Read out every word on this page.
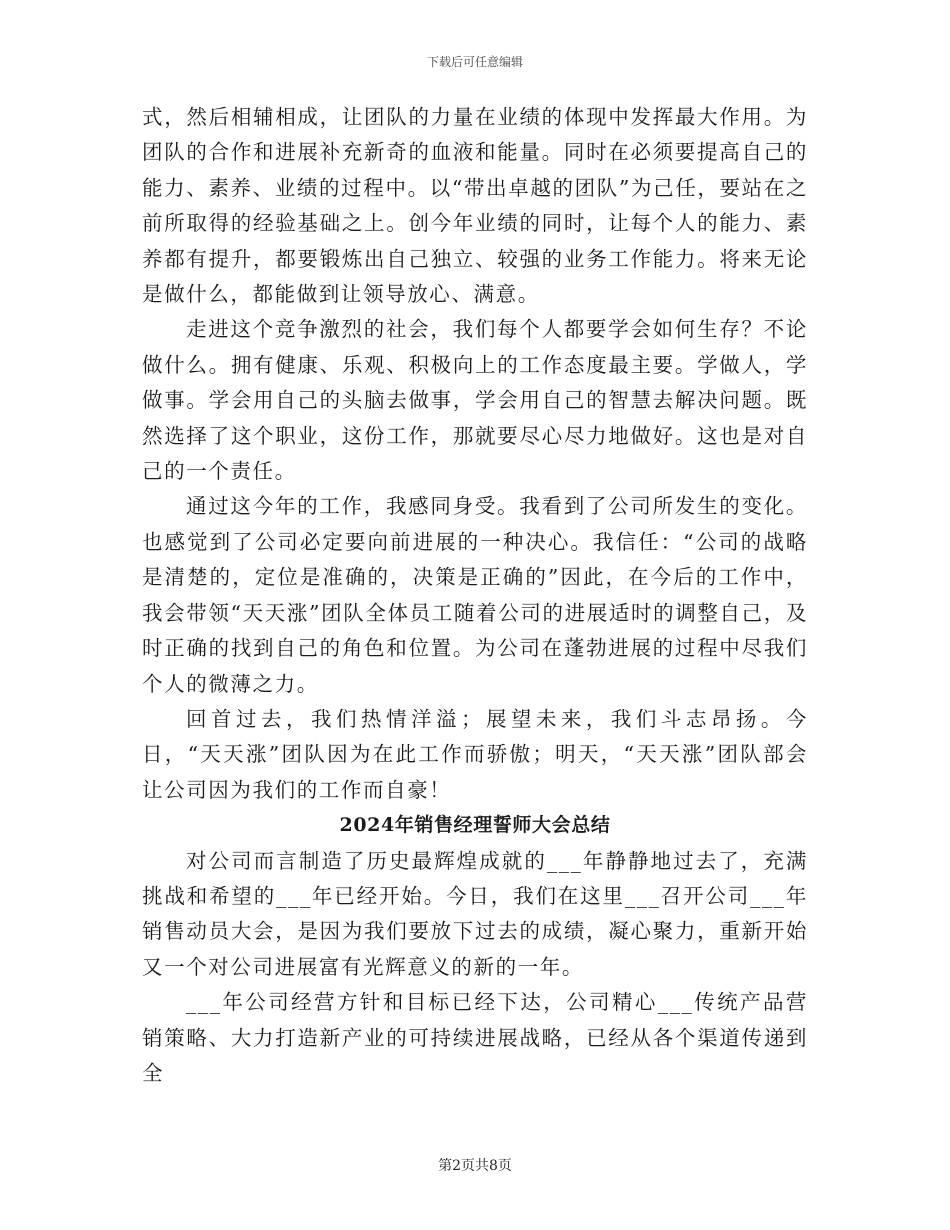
下载后可任意编辑

式，然后相辅相成，让团队的力量在业绩的体现中发挥最大作用。为团队的合作和进展补充新奇的血液和能量。同时在必须要提高自己的能力、素养、业绩的过程中。以“带出卓越的团队”为己任，要站在之前所取得的经验基础之上。创今年业绩的同时，让每个人的能力、素养都有提升，都要锻炼出自己独立、较强的业务工作能力。将来无论是做什么，都能做到让领导放心、满意。

走进这个竞争激烈的社会，我们每个人都要学会如何生存？不论做什么。拥有健康、乐观、积极向上的工作态度最主要。学做人，学做事。学会用自己的头脑去做事，学会用自己的智慧去解决问题。既然选择了这个职业，这份工作，那就要尽心尽力地做好。这也是对自己的一个责任。

通过这今年的工作，我感同身受。我看到了公司所发生的变化。也感觉到了公司必定要向前进展的一种决心。我信任：“公司的战略是清楚的，定位是准确的，决策是正确的”因此，在今后的工作中，我会带领“天天涨”团队全体员工随着公司的进展适时的调整自己，及时正确的找到自己的角色和位置。为公司在蓬勃进展的过程中尽我们个人的微薄之力。

回首过去，我们热情洋溢；展望未来，我们斗志昂扬。今日，“天天涨”团队因为在此工作而骄傲；明天，“天天涨”团队部会让公司因为我们的工作而自豪！

2024年销售经理誓师大会总结

对公司而言制造了历史最辉煌成就的___年静静地过去了，充满挑战和希望的___年已经开始。今日，我们在这里___召开公司___年销售动员大会，是因为我们要放下过去的成绩，凝心聚力，重新开始又一个对公司进展富有光辉意义的新的一年。

___年公司经营方针和目标已经下达，公司精心___传统产品营销策略、大力打造新产业的可持续进展战略，已经从各个渠道传递到全

第2页共8页
